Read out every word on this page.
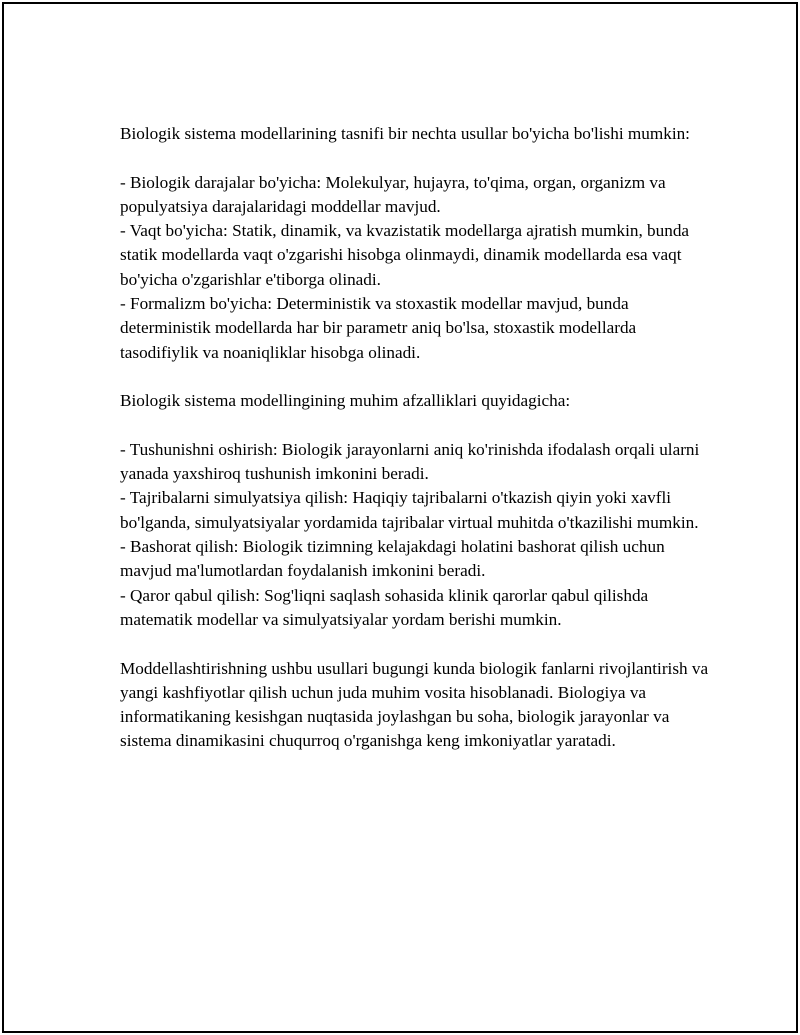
Biologik sistema modellarining tasnifi bir nechta usullar bo'yicha bo'lishi mumkin:

- Biologik darajalar bo'yicha: Molekulyar, hujayra, to'qima, organ, organizm va populyatsiya darajalaridagi moddellar mavjud.

- Vaqt bo'yicha: Statik, dinamik, va kvazistatik modellarga ajratish mumkin, bunda statik modellarda vaqt o'zgarishi hisobga olinmaydi, dinamik modellarda esa vaqt bo'yicha o'zgarishlar e'tiborga olinadi.

- Formalizm bo'yicha: Deterministik va stoxastik modellar mavjud, bunda deterministik modellarda har bir parametr aniq bo'lsa, stoxastik modellarda tasodifiylik va noaniqliklar hisobga olinadi.

Biologik sistema modellingining muhim afzalliklari quyidagicha:

- Tushunishni oshirish: Biologik jarayonlarni aniq ko'rinishda ifodalash orqali ularni yanada yaxshiroq tushunish imkonini beradi.

- Tajribalarni simulyatsiya qilish: Haqiqiy tajribalarni o'tkazish qiyin yoki xavfli bo'lganda, simulyatsiyalar yordamida tajribalar virtual muhitda o'tkazilishi mumkin.

- Bashorat qilish: Biologik tizimning kelajakdagi holatini bashorat qilish uchun mavjud ma'lumotlardan foydalanish imkonini beradi.

- Qaror qabul qilish: Sog'liqni saqlash sohasida klinik qarorlar qabul qilishda matematik modellar va simulyatsiyalar yordam berishi mumkin.

Moddellashtirishning ushbu usullari bugungi kunda biologik fanlarni rivojlantirish va yangi kashfiyotlar qilish uchun juda muhim vosita hisoblanadi. Biologiya va informatikaning kesishgan nuqtasida joylashgan bu soha, biologik jarayonlar va sistema dinamikasini chuqurroq o'rganishga keng imkoniyatlar yaratadi.
